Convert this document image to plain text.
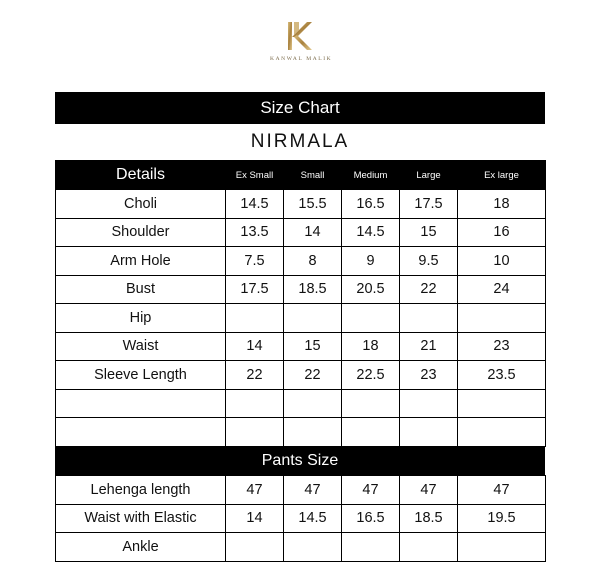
KANWAL MALIK
Size Chart
NIRMALA
Details	Ex Small	Small	Medium	Large	Ex large
Choli	14.5	15.5	16.5	17.5	18
Shoulder	13.5	14	14.5	15	16
Arm Hole	7.5	8	9	9.5	10
Bust	17.5	18.5	20.5	22	24
Hip					
Waist	14	15	18	21	23
Sleeve Length	22	22	22.5	23	23.5

Pants Size
Lehenga length	47	47	47	47	47
Waist with Elastic	14	14.5	16.5	18.5	19.5
Ankle					
